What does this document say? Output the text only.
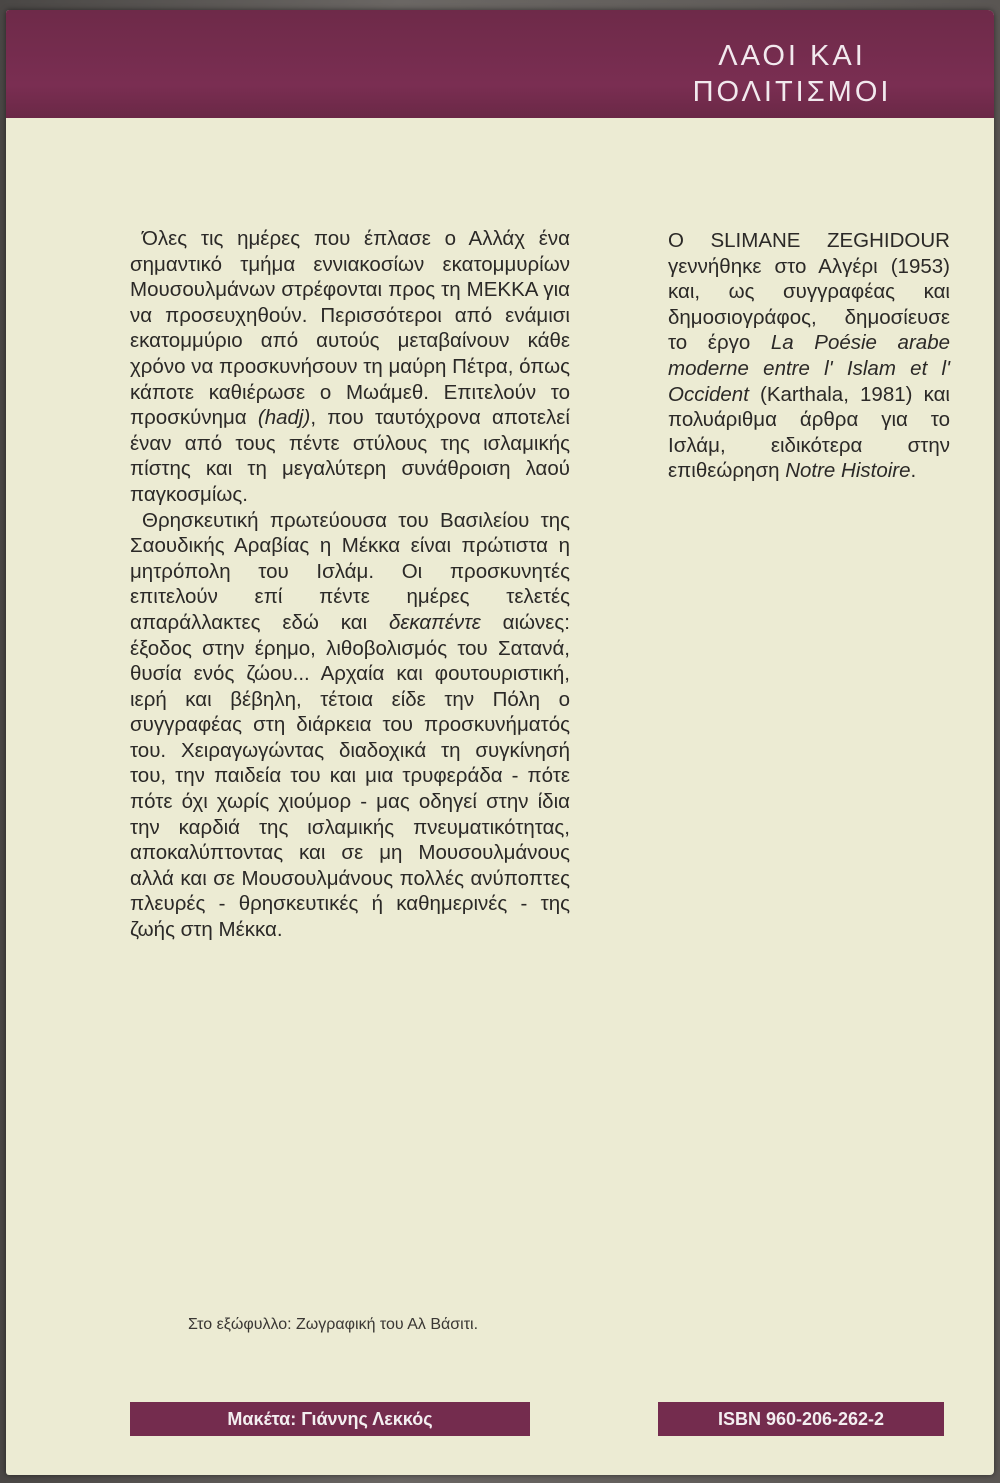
ΛΑΟΙ ΚΑΙ
ΠΟΛΙΤΙΣΜΟΙ

Όλες τις ημέρες που έπλασε ο Αλλάχ ένα σημαντικό τμήμα εννιακοσίων εκατομμυρίων Μουσουλμάνων στρέφονται προς τη ΜΕΚΚΑ για να προσευχηθούν. Περισσότεροι από ενάμισι εκατομμύριο από αυτούς μεταβαίνουν κάθε χρόνο να προσκυνήσουν τη μαύρη Πέτρα, όπως κάποτε καθιέρωσε ο Μωάμεθ. Επιτελούν το προσκύνημα (hadj), που ταυτόχρονα αποτελεί έναν από τους πέντε στύλους της ισλαμικής πίστης και τη μεγαλύτερη συνάθροιση λαού παγκοσμίως.

Θρησκευτική πρωτεύουσα του Βασιλείου της Σαουδικής Αραβίας η Μέκκα είναι πρώτιστα η μητρόπολη του Ισλάμ. Οι προσκυνητές επιτελούν επί πέντε ημέρες τελετές απαράλλακτες εδώ και δεκαπέντε αιώνες: έξοδος στην έρημο, λιθοβολισμός του Σατανά, θυσία ενός ζώου... Αρχαία και φουτουριστική, ιερή και βέβηλη, τέτοια είδε την Πόλη ο συγγραφέας στη διάρκεια του προσκυνήματός του. Χειραγωγώντας διαδοχικά τη συγκίνησή του, την παιδεία του και μια τρυφεράδα - πότε πότε όχι χωρίς χιούμορ - μας οδηγεί στην ίδια την καρδιά της ισλαμικής πνευματικότητας, αποκαλύπτοντας και σε μη Μουσουλμάνους αλλά και σε Μουσουλμάνους πολλές ανύποπτες πλευρές - θρησκευτικές ή καθημερινές - της ζωής στη Μέκκα.

Ο SLIMANE ZEGHIDOUR γεννήθηκε στο Αλγέρι (1953) και, ως συγγραφέας και δημοσιογράφος, δημοσίευσε το έργο La Poésie arabe moderne entre l' Islam et l' Occident (Karthala, 1981) και πολυάριθμα άρθρα για το Ισλάμ, ειδικότερα στην επιθεώρηση Notre Histoire.

Στο εξώφυλλο: Ζωγραφική του Αλ Βάσιτι.
Μακέτα: Γιάννης Λεκκός	ISBN 960-206-262-2
